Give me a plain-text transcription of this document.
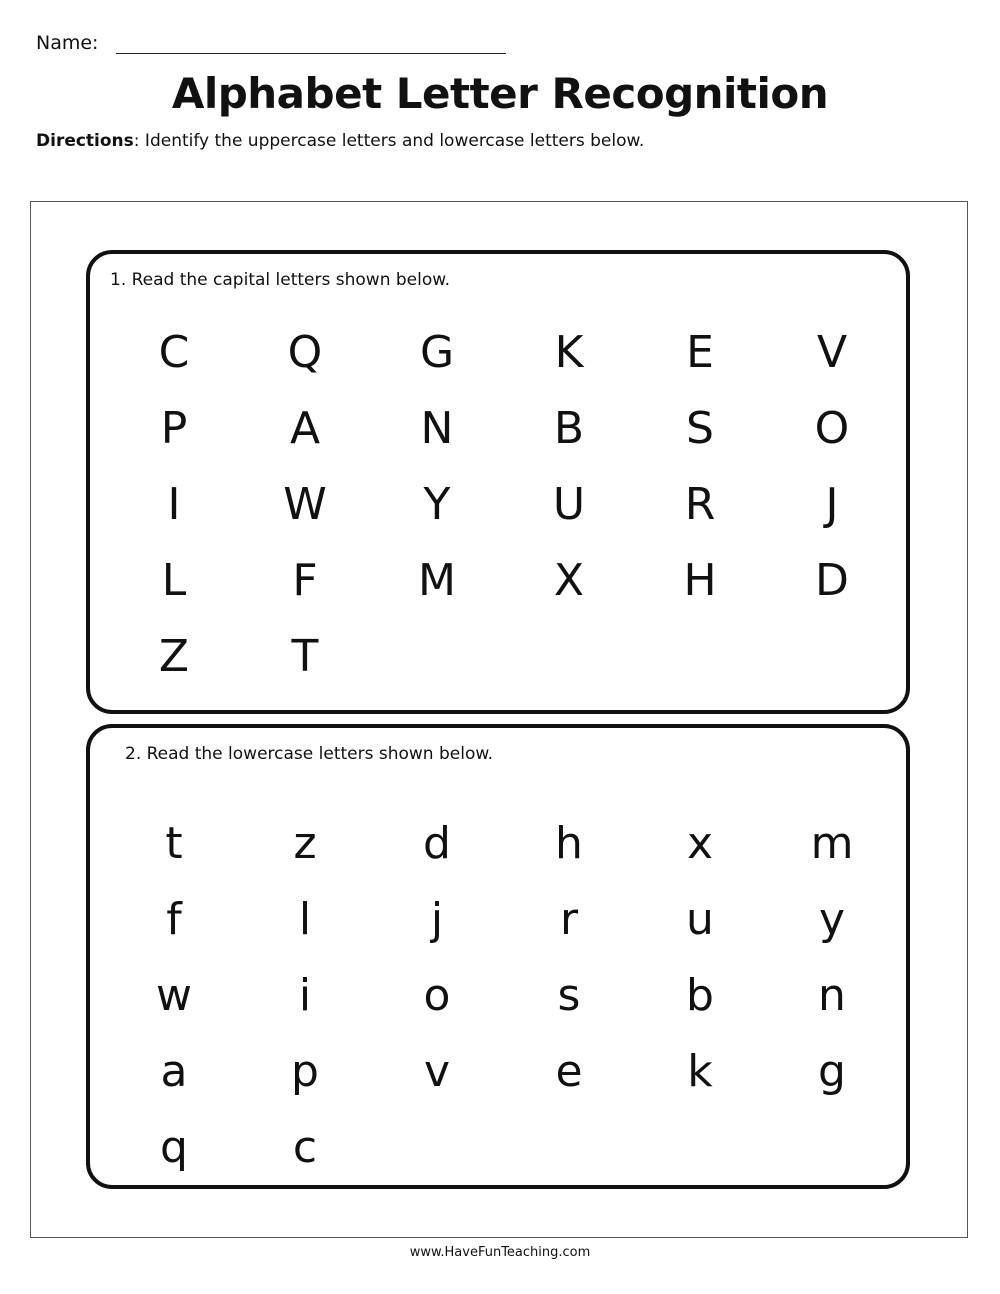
Name:
Alphabet Letter Recognition
Directions: Identify the uppercase letters and lowercase letters below.
1. Read the capital letters shown below.
C	Q	G	K	E	V
P	A	N	B	S	O
I	W	Y	U	R	J
L	F	M	X	H	D
Z	T
2. Read the lowercase letters shown below.
t	z	d	h	x	m
f	l	j	r	u	y
w	i	o	s	b	n
a	p	v	e	k	g
q	c
www.HaveFunTeaching.com
